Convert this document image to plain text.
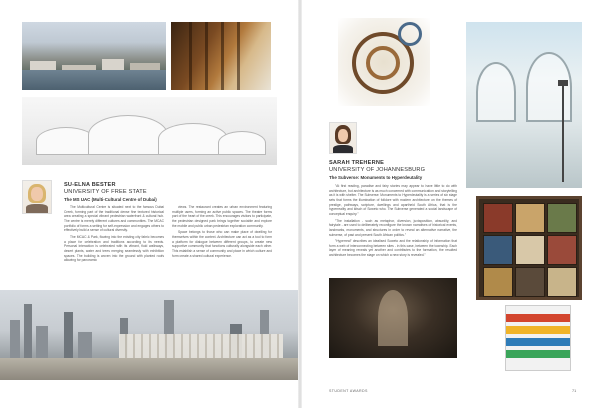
SU-ELNA BESTER
UNIVERSITY OF FREE STATE
The MS UAC (Multi-Cultural Centre of Dubai)

The Multicultural Centre is situated next to the famous Dubai Creek, forming part of the traditional dense fine textured historical area creating a special vibrant pedestrian waterfront & cultural hub. The centre is merely different cultures and communities. The MCAC portfolio of forms a setting for self-expression and engages others to effectively build a sense of cultural diversity.

The MCAC & Park, flowing into the existing city fabric becomes a place for celebration and traditions according to its needs. Personal interaction is celebrated with its vibrant, fluid walkways, desert plants, water and trees merging seamlessly with exhibition spaces. The building is woven into the ground with planted roofs allowing for panoramic

views. The restaurant creates an urban environment featuring multiple users, forming an active public spaces. The theatre forms part of the heart of the creek. This encourages visitors to participate, the pedestrian designed park brings together sociable and explore the mobile and public urban pedestrian exploration community.

Space belongs to those who can make place of dwelling for themselves within the context. Architecture can act as a tool to form a platform for dialogue between different groups, to create new supportive community that functions culturally alongside each other. This establish a sense of community and place in which culture and form create a shared cultural experience.

SARAH TREHERNE
UNIVERSITY OF JOHANNESBURG
The Subverse: Monuments to Hyperdeutality

"At first reading, paradise and fairy stories may appear to have little to do with architecture, but architecture is as much concerned with communication and storytelling as it is with shelter. The Subverse: Monuments to Hyperdeutality is a series of six stage sets that forms the illumination of folklore with modern architecture on the themes of prestige, pathways, scripture, dwellings and apartheid South Africa, that is the hyperreality and kitsch of Soweto who. The Subverse generated a social landscape of conceptual enquiry."

"The installation - such as metaphor, diversion, juxtaposition, absurdity, and fairytale - are used to deliberately reconfigure the known narratives of historical events, landmarks, monuments, and structures in order to reveal an alternative narrative, the subverse, of past and present South African politics."

"Hyperreal" describes an idealised Soweto and the relationship of information that form a web of interconnecting between sites - in this case, between the township. Each layer of meaning reveals yet another and contributes to the formation, the resulted architecture becomes the stage on which a new story is revealed."

STUDENT AWARDS	71
